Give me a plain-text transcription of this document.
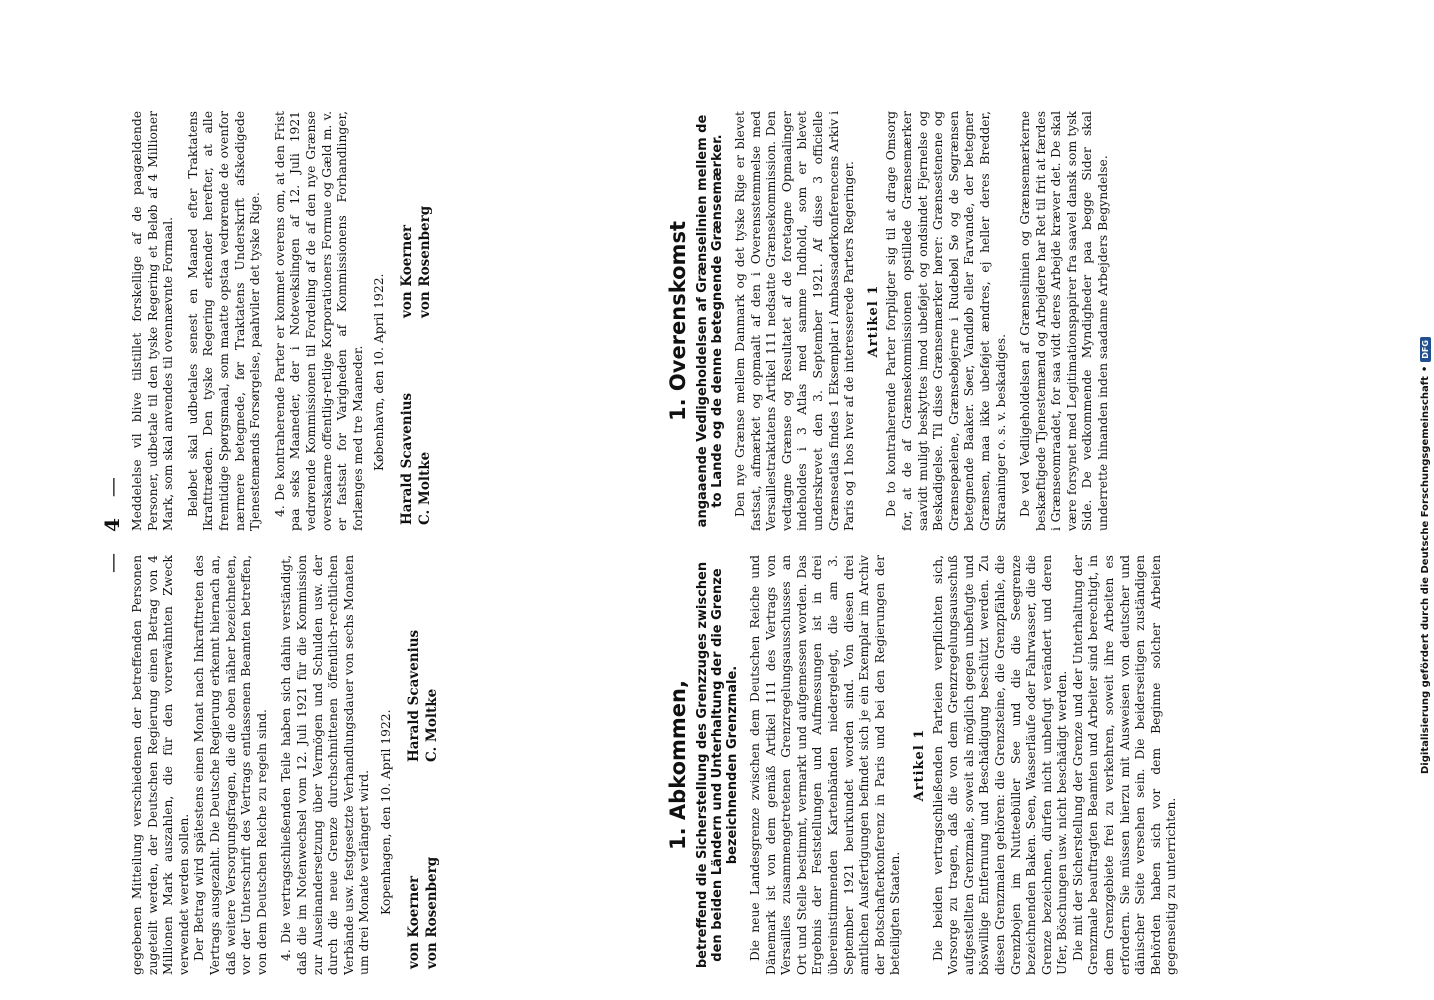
— 4 —

gegebenen Mitteilung verschiedenen der betreffenden Personen zugeteilt werden, der Deutschen Regierung einen Betrag von 4 Millionen Mark auszahlen, die für den vorerwähnten Zweck verwendet werden sollen. Der Betrag wird spätestens einen Monat nach Inkrafttreten des Vertrags ausgezahlt. Die Deutsche Regierung erkennt hiernach an, daß weitere Versorgungsfragen, die die oben näher bezeichneten, vor der Unterschrift des Vertrags entlassenen Beamten betreffen, von dem Deutschen Reiche zu regeln sind. 4. Die vertragschließenden Teile haben sich dahin verständigt, daß die im Notenwechsel vom 12. Juli 1921 für die Kommission zur Auseinandersetzung über Vermögen und Schulden usw. der durch die neue Grenze durchschnittenen öffentlich-rechtlichen Verbände usw. festgesetzte Verhandlungsdauer von sechs Monaten um drei Monate verlängert wird. Kopenhagen, den 10. April 1922.

von Koerner von Rosenberg
Harald Scavenius C. Moltke

Meddelelse vil blive tilstillet forskellige af de paagældende Personer, udbetale til den tyske Regering et Beløb af 4 Millioner Mark, som skal anvendes til ovennævnte Formaal. Beløbet skal udbetales senest en Maaned efter Traktatens Ikrafttræden. Den tyske Regering erkender herefter, at alle fremtidige Spørgsmaal, som maatte opstaa vedrørende de ovenfor nærmere betegnede, før Traktatens Underskrift afskedigede Tjenestemænds Forsørgelse, paahviler det tyske Rige. 4. De kontraherende Parter er kommet overens om, at den Frist paa seks Maaneder, der i Notevekslingen af 12. Juli 1921 vedrørende Kommissionen til Fordeling af de af den nye Grænse overskaarne offentlig-retlige Korporationers Formue og Gæld m. v. er fastsat for Varigheden af Kommissionens Forhandlinger, forlænges med tre Maaneder. København, den 10. April 1922. Harald Scavenius C. Moltke
von Koerner von Rosenberg
1. Abkommen, betreffend die Sicherstellung des Grenzzuges zwischen den beiden Ländern und Unterhaltung der die Grenze bezeichnenden Grenzmale. Die neue Landesgrenze zwischen dem Deutschen Reiche und Dänemark ist von dem gemäß Artikel 111 des Vertrags von Versailles zusammengetretenen Grenzregelungsausschusses an Ort und Stelle bestimmt, vermarkt und aufgemessen worden. Das Ergebnis der Feststellungen und Aufmessungen ist in drei übereinstimmenden Kartenbänden niedergelegt, die am 3. September 1921 beurkundet worden sind. Von diesen drei amtlichen Ausfertigungen befindet sich je ein Exemplar im Archiv der Botschafterkonferenz in Paris und bei den Regierungen der beteiligten Staaten.

Artikel 1 Die beiden vertragschließenden Parteien verpflichten sich, Vorsorge zu tragen, daß die von dem Grenzregelungsausschuß aufgestellten Grenzmale, soweit als möglich gegen unbefugte und böswillige Entfernung und Beschädigung beschützt werden. Zu diesen Grenzmalen gehören: die Grenzsteine, die Grenzpfähle, die Grenzbojen im Nutteebüller See und die die Seegrenze bezeichnenden Baken. Seen, Wasserläufe oder Fahrwasser, die die Grenze bezeichnen, dürfen nicht unbefugt verändert und deren Ufer, Böschungen usw. nicht beschädigt werden. Die mit der Sicherstellung der Grenze und der Unterhaltung der Grenzmale beauftragten Beamten und Arbeiter sind berechtigt, in dem Grenzgebiete frei zu verkehren, soweit ihre Arbeiten es erfordern. Sie müssen hierzu mit Ausweisen von deutscher und dänischer Seite versehen sein. Die beiderseitigen zuständigen Behörden haben sich vor dem Beginne solcher Arbeiten gegenseitig zu unterrichten.

1. Overenskomst angaaende Vedligeholdelsen af Grænselinien mellem de to Lande og de denne betegnende Grænsemærker. Den nye Grænse mellem Danmark og det tyske Rige er blevet fastsat, afmærket og opmaalt af den i Overensstemmelse med Versaillestraktatens Artikel 111 nedsatte Grænsekommission. Den vedtagne Grænse og Resultatet af de foretagne Opmaalinger indeholdes i 3 Atlas med samme Indhold, som er blevet underskrevet den 3. September 1921. Af disse 3 officielle Grænseatlas findes 1 Eksemplar i Ambassadørkonferencens Arkiv i Paris og 1 hos hver af de interesserede Parters Regeringer. Artikel 1 De to kontraherende Parter forpligter sig til at drage Omsorg for, at de af Grænsekommissionen opstillede Grænsemærker saavidt muligt beskyttes imod ubeføjet og ondsindet Fjernelse og Beskadigelse. Til disse Grænsemærker hører: Grænsestenene og Grænsepælene, Grænsebøjerne i Rudebøl Sø og de Søgrænsen betegnende Baaker. Søer, Vandløb eller Farvande, der betegner Grænsen, maa ikke ubeføjet ændres, ej heller deres Bredder, Skraaninger o. s. v. beskadiges. De ved Vedligeholdelsen af Grænselinien og Grænsemærkerne beskæftigede Tjenestemænd og Arbejdere har Ret til frit at færdes i Grænseomraadet, for saa vidt deres Arbejde kræver det. De skal være forsynet med Legitimationspapirer fra saavel dansk som tysk Side. De vedkommende Myndigheder paa begge Sider skal underrette hinanden inden saadanne Arbejders Begyndelse.

Digitalisierung gefördert durch die Deutsche Forschungsgemeinschaft
•
DFG
